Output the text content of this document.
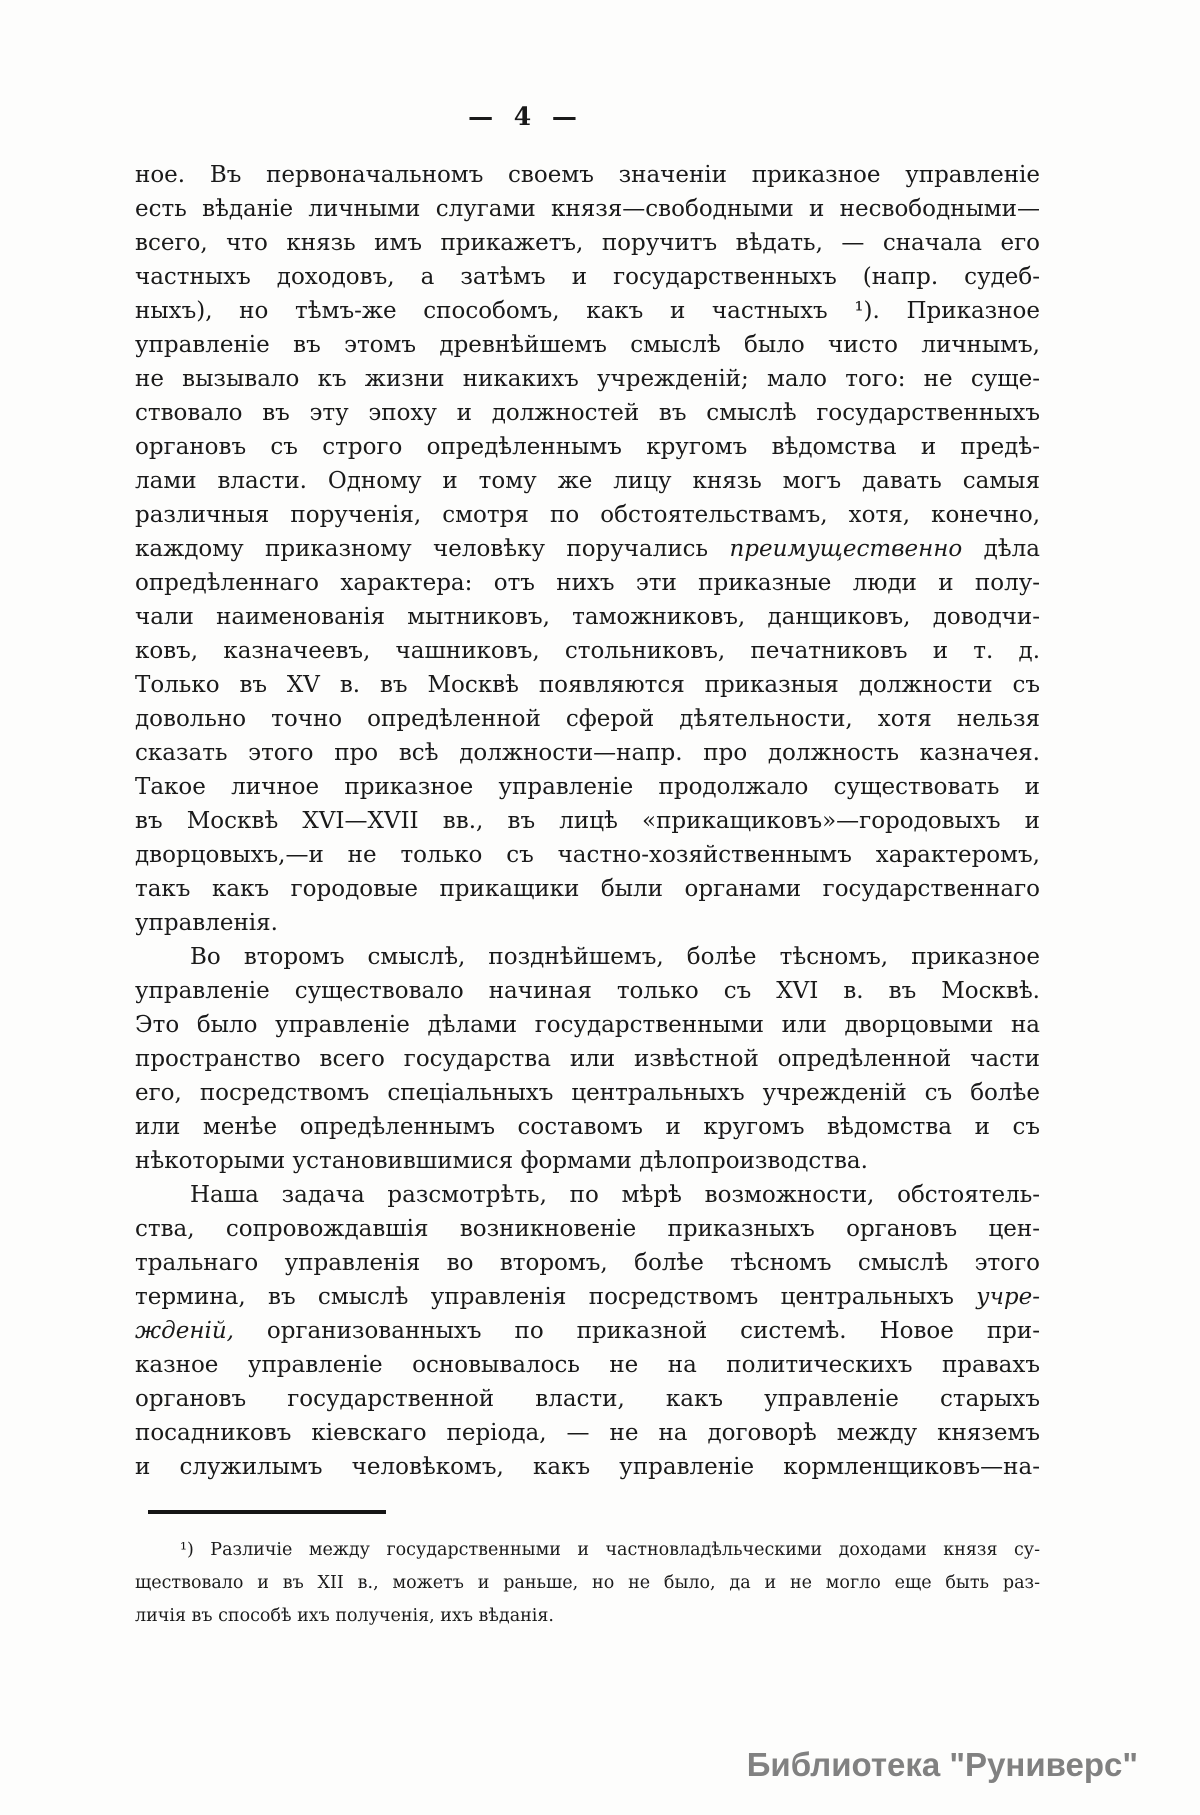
— 4 —
ное. Въ первоначальномъ своемъ значеніи приказное управленіе
есть вѣданіе личными слугами князя—свободными и несвободными—
всего, что князь имъ прикажетъ, поручитъ вѣдать, — сначала его
частныхъ доходовъ, а затѣмъ и государственныхъ (напр. судеб-
ныхъ), но тѣмъ-же способомъ, какъ и частныхъ ¹). Приказное
управленіе въ этомъ древнѣйшемъ смыслѣ было чисто личнымъ,
не вызывало къ жизни никакихъ учрежденій; мало того: не суще-
ствовало въ эту эпоху и должностей въ смыслѣ государственныхъ
органовъ съ строго опредѣленнымъ кругомъ вѣдомства и предѣ-
лами власти. Одному и тому же лицу князь могъ давать самыя
различныя порученія, смотря по обстоятельствамъ, хотя, конечно,
каждому приказному человѣку поручались преимущественно дѣла
опредѣленнаго характера: отъ нихъ эти приказные люди и полу-
чали наименованія мытниковъ, таможниковъ, данщиковъ, доводчи-
ковъ, казначеевъ, чашниковъ, стольниковъ, печатниковъ и т. д.
Только въ XV в. въ Москвѣ появляются приказныя должности съ
довольно точно опредѣленной сферой дѣятельности, хотя нельзя
сказать этого про всѣ должности—напр. про должность казначея.
Такое личное приказное управленіе продолжало существовать и
въ Москвѣ XVI—XVII вв., въ лицѣ «прикащиковъ»—городовыхъ и
дворцовыхъ,—и не только съ частно-хозяйственнымъ характеромъ,
такъ какъ городовые прикащики были органами государственнаго
управленія.
Во второмъ смыслѣ, позднѣйшемъ, болѣе тѣсномъ, приказное
управленіе существовало начиная только съ XVI в. въ Москвѣ.
Это было управленіе дѣлами государственными или дворцовыми на
пространство всего государства или извѣстной опредѣленной части
его, посредствомъ спеціальныхъ центральныхъ учрежденій съ болѣе
или менѣе опредѣленнымъ составомъ и кругомъ вѣдомства и съ
нѣкоторыми установившимися формами дѣлопроизводства.
Наша задача разсмотрѣть, по мѣрѣ возможности, обстоятель-
ства, сопровождавшія возникновеніе приказныхъ органовъ цен-
тральнаго управленія во второмъ, болѣе тѣсномъ смыслѣ этого
термина, въ смыслѣ управленія посредствомъ центральныхъ учре-
жденій, организованныхъ по приказной системѣ. Новое при-
казное управленіе основывалось не на политическихъ правахъ
органовъ государственной власти, какъ управленіе старыхъ
посадниковъ кіевскаго періода, — не на договорѣ между княземъ
и служилымъ человѣкомъ, какъ управленіе кормленщиковъ—на-
¹) Различіе между государственными и частновладѣльческими доходами князя су-
ществовало и въ XII в., можетъ и раньше, но не было, да и не могло еще быть раз-
личія въ способѣ ихъ полученія, ихъ вѣданія.
Библиотека "Руниверс"
